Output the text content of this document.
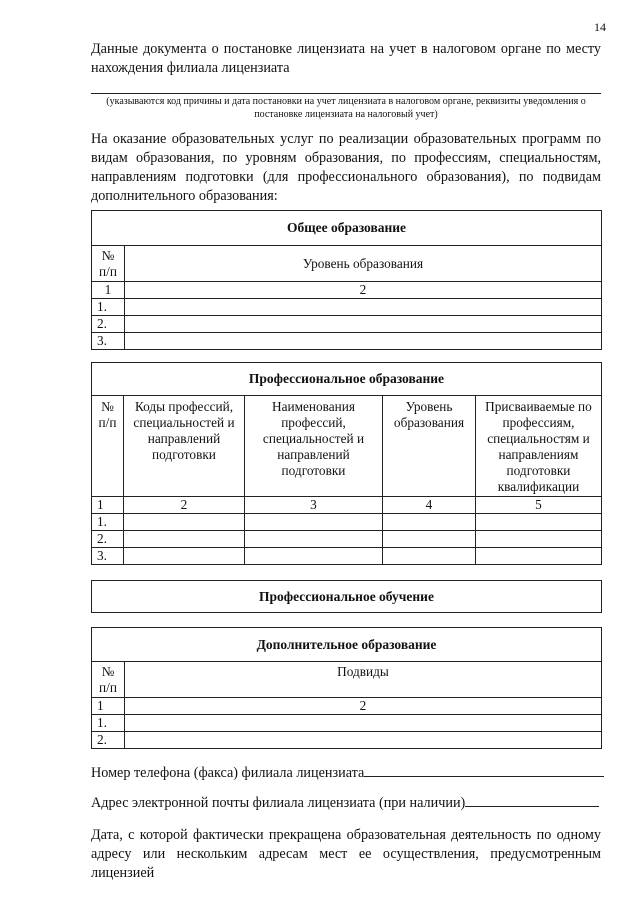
14
Данные документа о постановке лицензиата на учет в налоговом органе по месту нахождения филиала лицензиата
(указываются код причины и дата постановки на учет лицензиата в налоговом органе, реквизиты уведомления о постановке лицензиата на налоговый учет)
На оказание образовательных услуг по реализации образовательных программ по видам образования, по уровням образования, по профессиям, специальностям, направлениям подготовки (для профессионального образования), по подвидам дополнительного образования:
Общее образование	
№ п/п	Уровень образования
1	2
1.	
2.	
3.	
Профессиональное образование				
№ п/п	Коды профессий, специальностей и направлений подготовки	Наименования профессий, специальностей и направлений подготовки	Уровень образования	Присваиваемые по профессиям, специальностям и направлениям подготовки квалификации
1	2	3	4	5
1.				
2.				
3.				
Профессиональное обучение
Дополнительное образование	
№ п/п	Подвиды
1	2
1.	
2.	
Номер телефона (факса) филиала лицензиата
Адрес электронной почты филиала лицензиата (при наличии)
Дата, с которой фактически прекращена образовательная деятельность по одному адресу или нескольким адресам мест ее осуществления, предусмотренным лицензией
